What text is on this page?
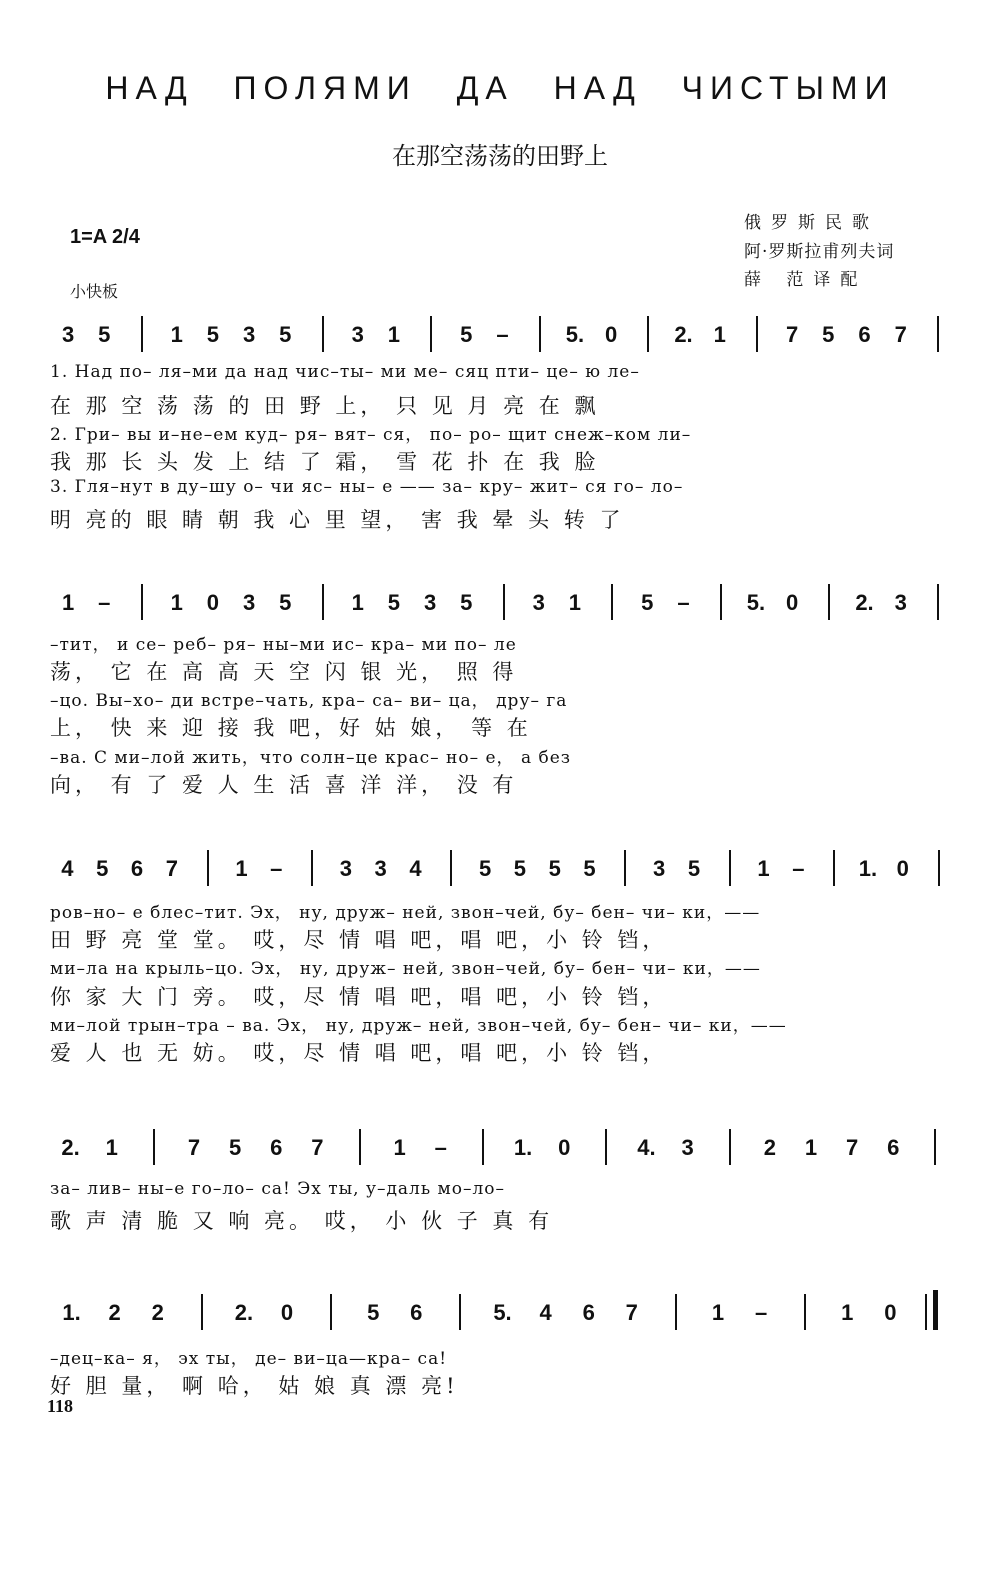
НАД ПОЛЯМИ ДА НАД ЧИСТЫМИ
在那空荡荡的田野上
俄罗斯民歌
阿·罗斯拉甫列夫词
薛 范译配
1=A 2/4
小快板
118
3 5	1 5 3 5	3 1	5 –	5. 0	2. 1	7 5 6 7
1. Над по– ля–ми да над чис–ты– ми ме– сяц пти– це– ю ле–
在 那 空 荡 荡 的 田 野 上， 只 见 月 亮 在 飘
2. Гри– вы и–не–ем куд– ря– вят– ся， по– ро– щит снеж–ком ли–
我 那 长 头 发 上 结 了 霜， 雪 花 扑 在 我 脸
3. Гля–нут в ду–шу о– чи яс– ны– е —— за– кру– жит– ся го– ло–
明 亮的 眼 睛 朝 我 心 里 望， 害 我 晕 头 转 了
1 –	1 0 3 5	1 5 3 5	3 1	5 –	5. 0	2. 3
–тит， и се– реб– ря– ны–ми ис– кра– ми по– ле
荡， 它 在 高 高 天 空 闪 银 光， 照 得
–цо. Вы–хо– ди встре–чать, кра– са– ви– ца， дру– га
上， 快 来 迎 接 我 吧，好 姑 娘， 等 在
–ва. С ми–лой жить，что солн–це крас– но– е， а без
向， 有 了 爱 人 生 活 喜 洋 洋， 没 有
4 5 6 7	1 –	3 3 4	5 5 5 5	3 5	1 – 1. 0
ров–но– е блес–тит. Эх， ну, друж– ней, звон–чей, бу– бен– чи– ки，——
田 野 亮 堂 堂。 哎，尽 情 唱 吧，唱 吧，小 铃 铛，
ми–ла на крыль–цо. Эх， ну, друж– ней, звон–чей, бу– бен– чи– ки，——
你 家 大 门 旁。 哎，尽 情 唱 吧，唱 吧，小 铃 铛，
ми–лой трын–тра – ва. Эх， ну, друж– ней, звон–чей, бу– бен– чи– ки，——
爱 人 也 无 妨。 哎，尽 情 唱 吧，唱 吧，小 铃 铛，
2. 1	7 5 6 7	1 –	1. 0	4. 3	2 1 7 6
за– лив– ны–е го–ло– са! Эх ты, у–даль мо–ло–
歌 声 清 脆 又 响 亮。 哎， 小 伙 子 真 有
1. 2 2	2. 0	5 6	5. 4 6 7	1 –	1 0
–дец–ка– я， эх ты， де– ви–ца—кра– са!
好 胆 量， 啊 哈， 姑 娘 真 漂 亮!
